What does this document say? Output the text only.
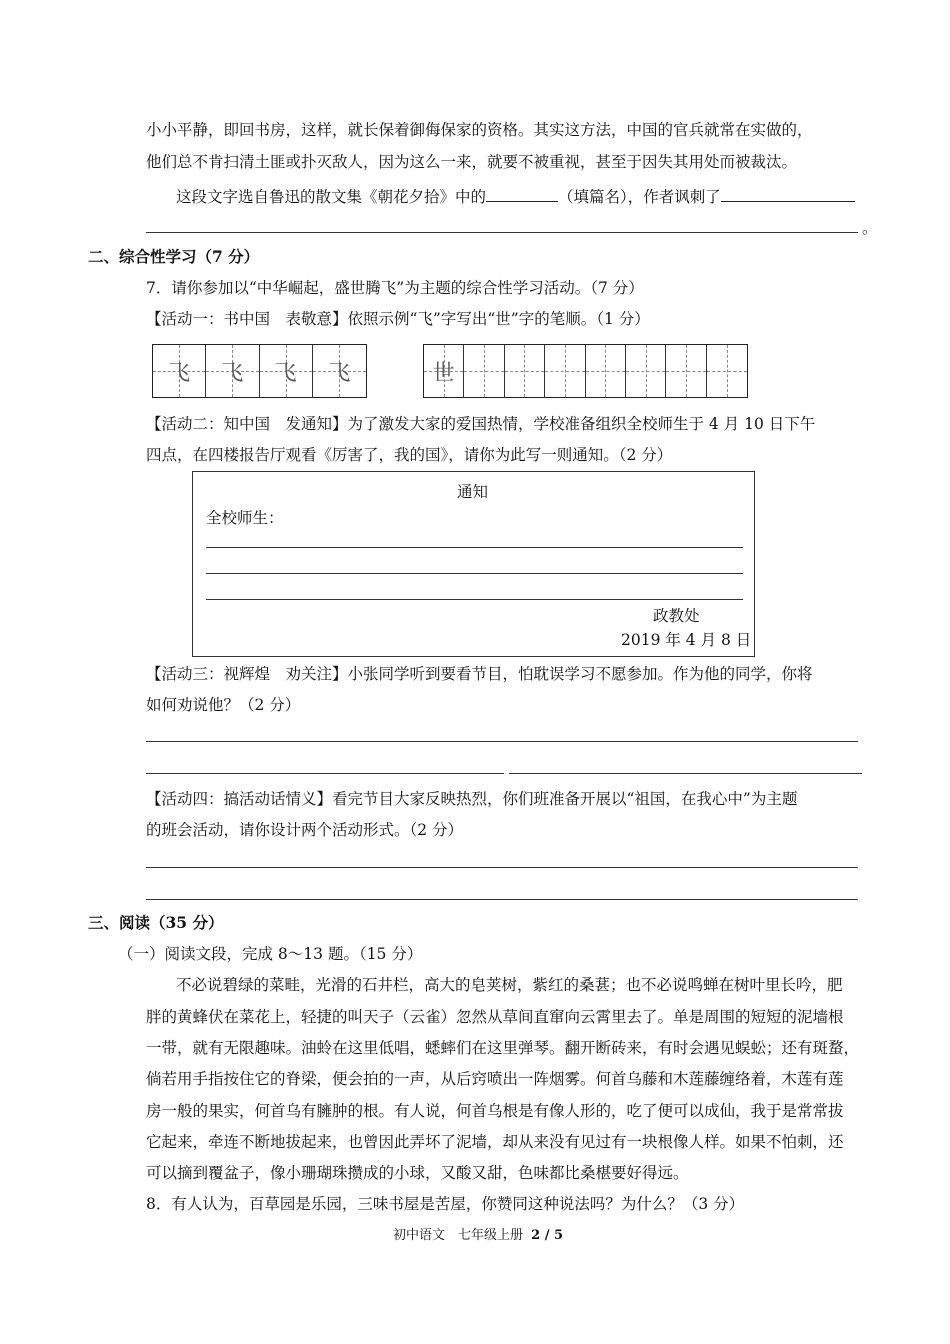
小小平静，即回书房，这样，就长保着御侮保家的资格。其实这方法，中国的官兵就常在实做的，
他们总不肯扫清土匪或扑灭敌人，因为这么一来，就要不被重视，甚至于因失其用处而被裁汰。
这段文字选自鲁迅的散文集《朝花夕拾》中的	（填篇名），作者讽刺了
。
二、综合性学习（7 分）
7．请你参加以“中华崛起，盛世腾飞”为主题的综合性学习活动。（7 分）
【活动一：书中国　表敬意】依照示例“飞”字写出“世”字的笔顺。（1 分）
飞	飞	飞	飞	世
【活动二：知中国　发通知】为了激发大家的爱国热情，学校准备组织全校师生于 4 月 10 日下午
四点，在四楼报告厅观看《厉害了，我的国》，请你为此写一则通知。（2 分）
通知
全校师生：
政教处
2019 年 4 月 8 日
【活动三：视辉煌　劝关注】小张同学听到要看节目，怕耽误学习不愿参加。作为他的同学，你将
如何劝说他？（2 分）
【活动四：搞活动话情义】看完节目大家反映热烈，你们班准备开展以“祖国，在我心中”为主题
的班会活动，请你设计两个活动形式。（2 分）
三、阅读（35 分）
（一）阅读文段，完成 8～13 题。（15 分）
不必说碧绿的菜畦，光滑的石井栏，高大的皂荚树，紫红的桑葚；也不必说鸣蝉在树叶里长吟，肥
胖的黄蜂伏在菜花上，轻捷的叫天子（云雀）忽然从草间直窜向云霄里去了。单是周围的短短的泥墙根
一带，就有无限趣味。油蛉在这里低唱，蟋蟀们在这里弹琴。翻开断砖来，有时会遇见蜈蚣；还有斑蝥，
倘若用手指按住它的脊梁，便会拍的一声，从后窍喷出一阵烟雾。何首乌藤和木莲藤缠络着，木莲有莲
房一般的果实，何首乌有臃肿的根。有人说，何首乌根是有像人形的，吃了便可以成仙，我于是常常拔
它起来，牵连不断地拔起来，也曾因此弄坏了泥墙，却从来没有见过有一块根像人样。如果不怕刺，还
可以摘到覆盆子，像小珊瑚珠攒成的小球，又酸又甜，色味都比桑椹要好得远。
8．有人认为，百草园是乐园，三味书屋是苦屋，你赞同这种说法吗？为什么？（3 分）
初中语文　七年级上册 2 / 5
